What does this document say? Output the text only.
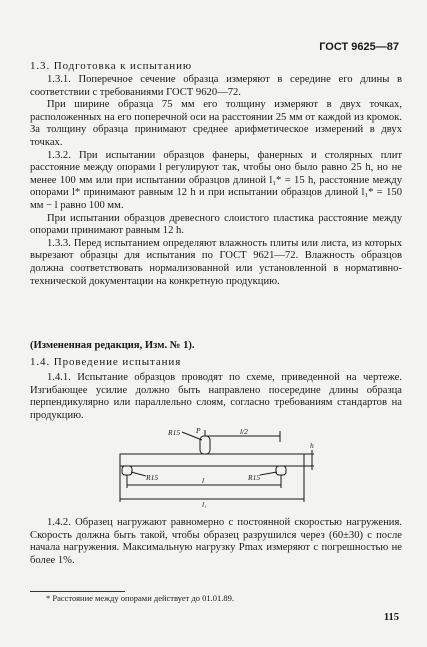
ГОСТ 9625—87
1.3. Подготовка к испытанию

1.3.1. Поперечное сечение образца измеряют в середине его длины в соответствии с требованиями ГОСТ 9620—72.

При ширине образца 75 мм его толщину измеряют в двух точках, расположенных на его поперечной оси на расстоянии 25 мм от каждой из кромок. За толщину образца принимают среднее арифметическое измерений в двух точках.

1.3.2. При испытании образцов фанеры, фанерных и столярных плит расстояние между опорами l регулируют так, чтобы оно было равно 25 h, но не менее 100 мм или при испытании образцов длиной l₁* = 15 h, расстояние между опорами l* принимают равным 12 h и при испытании образцов длиной l₁* = 150 мм − l равно 100 мм.

При испытании образцов древесного слоистого пластика расстояние между опорами принимают равным 12 h.

1.3.3. Перед испытанием определяют влажность плиты или листа, из которых вырезают образцы для испытания по ГОСТ 9621—72. Влажность образцов должна соответствовать нормализованной или установленной в нормативно-технической документации на конкретную продукцию.

(Измененная редакция, Изм. № 1).
1.4. Проведение испытания

1.4.1. Испытание образцов проводят по схеме, приведенной на чертеже. Изгибающее усилие должно быть направлено посередине длины образца перпендикулярно или параллельно слоям, согласно требованиям стандартов на продукцию.

R15 P	l/2
h
R15	R15
l
l₁

1.4.2. Образец нагружают равномерно с постоянной скоростью нагружения. Скорость должна быть такой, чтобы образец разрушился через (60±30) с после начала нагружения. Максимальную нагрузку Pmax измеряют с погрешностью не более 1%.

* Расстояние между опорами действует до 01.01.89.
115
